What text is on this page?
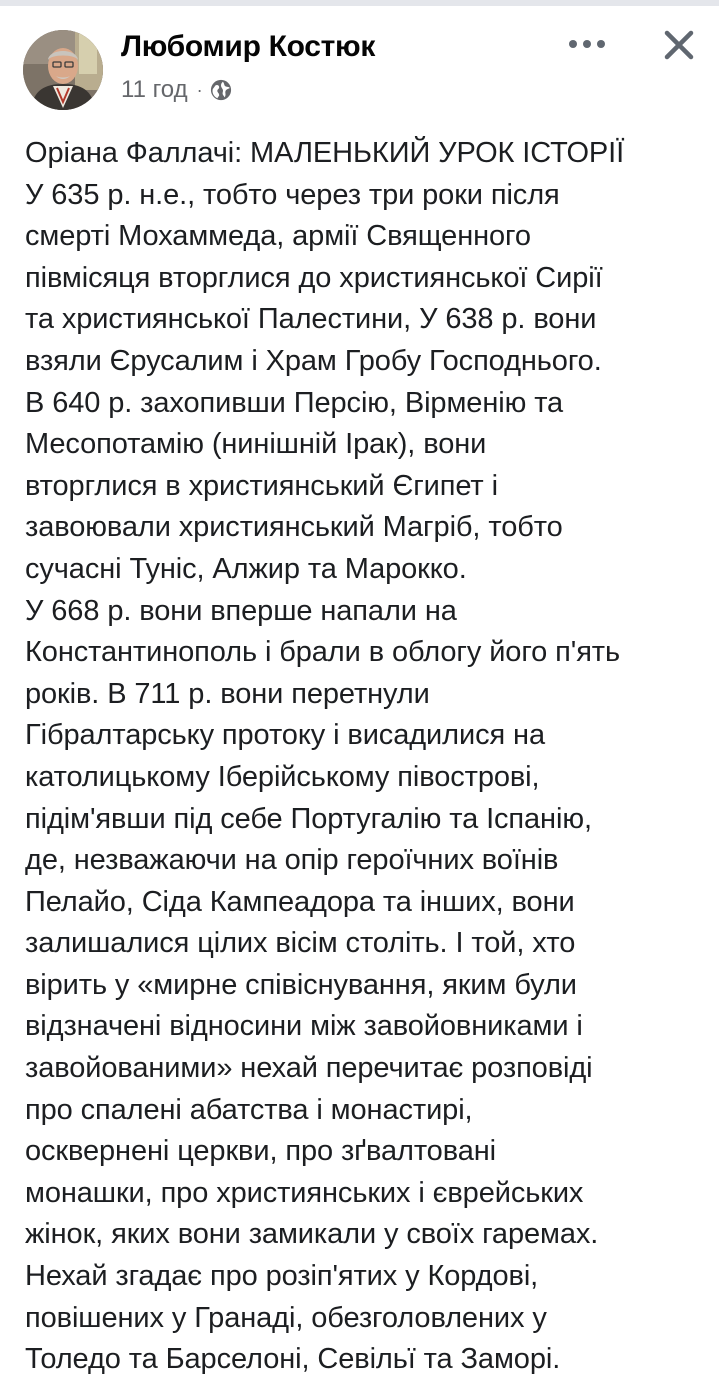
Любомир Костюк
11 год ·
Оріана Фаллачі: МАЛЕНЬКИЙ УРОК ІСТОРІЇ
У 635 р. н.е., тобто через три роки після
смерті Мохаммеда, армії Священного
півмісяця вторглися до християнської Сирії
та християнської Палестини, У 638 р. вони
взяли Єрусалим і Храм Гробу Господнього.
В 640 р. захопивши Персію, Вірменію та
Месопотамію (нинішній Ірак), вони
вторглися в християнський Єгипет і
завоювали християнський Магріб, тобто
сучасні Туніс, Алжир та Марокко.
У 668 р. вони вперше напали на
Константинополь і брали в облогу його п'ять
років. В 711 р. вони перетнули
Гібралтарську протоку і висадилися на
католицькому Іберійському півострові,
підім'явши під себе Португалію та Іспанію,
де, незважаючи на опір героїчних воїнів
Пелайо, Сіда Кампеадора та інших, вони
залишалися цілих вісім століть. І той, хто
вірить у «мирне співіснування, яким були
відзначені відносини між завойовниками і
завойованими» нехай перечитає розповіді
про спалені абатства і монастирі,
осквернені церкви, про зґвалтовані
монашки, про християнських і єврейських
жінок, яких вони замикали у своїх гаремах.
Нехай згадає про розіп'ятих у Кордові,
повішених у Гранаді, обезголовлених у
Толедо та Барселоні, Севільї та Заморі.
